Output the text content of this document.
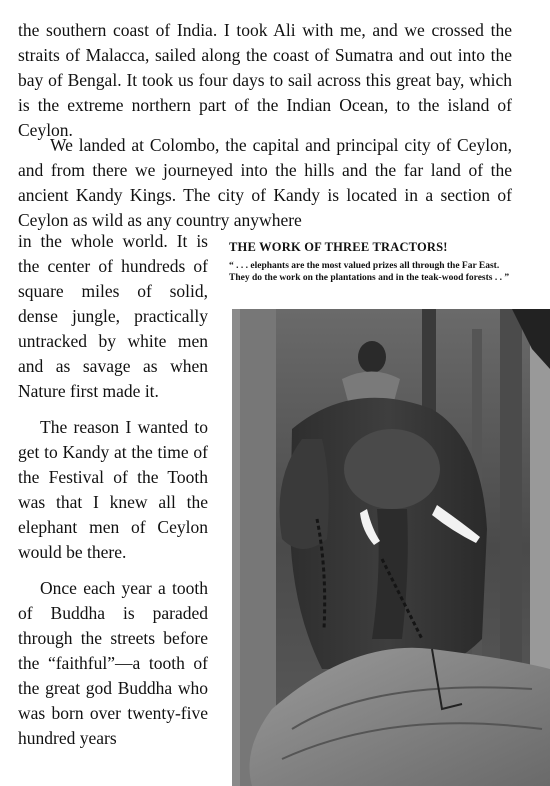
the southern coast of India. I took Ali with me, and we crossed the straits of Malacca, sailed along the coast of Sumatra and out into the bay of Bengal. It took us four days to sail across this great bay, which is the extreme northern part of the Indian Ocean, to the island of Ceylon.

We landed at Colombo, the capital and principal city of Ceylon, and from there we journeyed into the hills and the far land of the ancient Kandy Kings. The city of Kandy is located in a section of Ceylon as wild as any country anywhere

in the whole world. It is the center of hundreds of square miles of solid, dense jungle, practically untracked by white men and as savage as when Nature first made it.

The reason I wanted to get to Kandy at the time of the Festival of the Tooth was that I knew all the elephant men of Ceylon would be there.

Once each year a tooth of Buddha is paraded through the streets before the “faithful”—a tooth of the great god Buddha who was born over twenty-five hundred years

THE WORK OF THREE TRACTORS!
“ . . . elephants are the most valued prizes all through the Far East. They do the work on the plantations and in the teak-wood forests . . ”
